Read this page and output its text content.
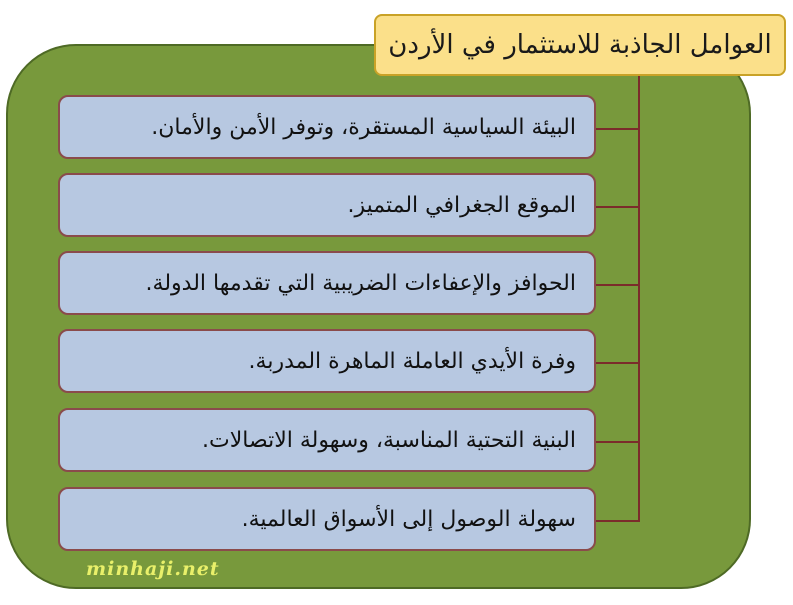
العوامل الجاذبة للاستثمار في الأردن
البيئة السياسية المستقرة، وتوفر الأمن والأمان.
الموقع الجغرافي المتميز.
الحوافز والإعفاءات الضريبية التي تقدمها الدولة.
وفرة الأيدي العاملة الماهرة المدربة.
البنية التحتية المناسبة، وسهولة الاتصالات.
سهولة الوصول إلى الأسواق العالمية.
minhaji.net
